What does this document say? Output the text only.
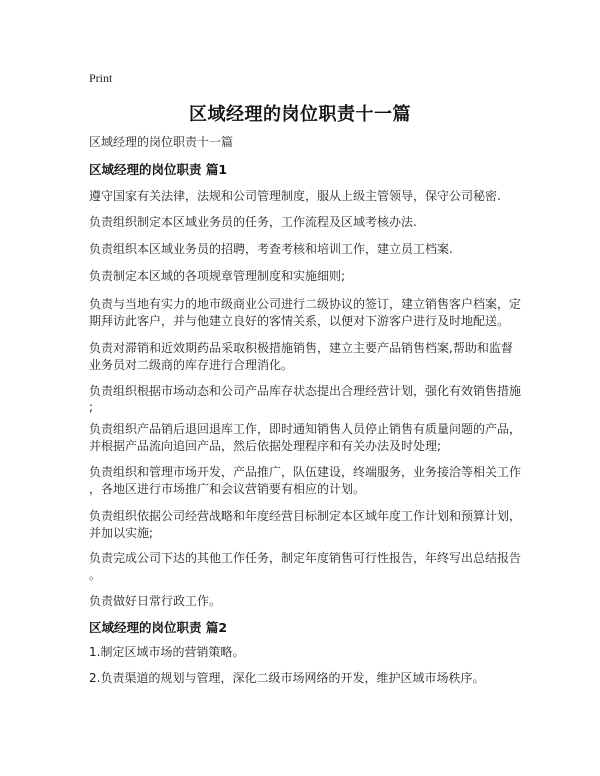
Print
区域经理的岗位职责十一篇
区域经理的岗位职责十一篇
区域经理的岗位职责 篇1
遵守国家有关法律，法规和公司管理制度，服从上级主管领导，保守公司秘密.
负责组织制定本区域业务员的任务，工作流程及区域考核办法.
负责组织本区域业务员的招聘，考查考核和培训工作，建立员工档案.
负责制定本区域的各项规章管理制度和实施细则;
负责与当地有实力的地市级商业公司进行二级协议的签订，建立销售客户档案，定
期拜访此客户，并与他建立良好的客情关系，以便对下游客户进行及时地配送。
负责对滞销和近效期药品采取积极措施销售，建立主要产品销售档案,帮助和监督
业务员对二级商的库存进行合理消化。
负责组织根据市场动态和公司产品库存状态提出合理经营计划，强化有效销售措施
;
负责组织产品销后退回退库工作，即时通知销售人员停止销售有质量问题的产品，
并根据产品流向追回产品，然后依据处理程序和有关办法及时处理;
负责组织和管理市场开发，产品推广，队伍建设，终端服务，业务接洽等相关工作
，各地区进行市场推广和会议营销要有相应的计划。
负责组织依据公司经营战略和年度经营目标制定本区域年度工作计划和预算计划，
并加以实施;
负责完成公司下达的其他工作任务，制定年度销售可行性报告，年终写出总结报告
。
负责做好日常行政工作。
区域经理的岗位职责 篇2
1.制定区域市场的营销策略。
2.负责渠道的规划与管理，深化二级市场网络的开发，维护区域市场秩序。
